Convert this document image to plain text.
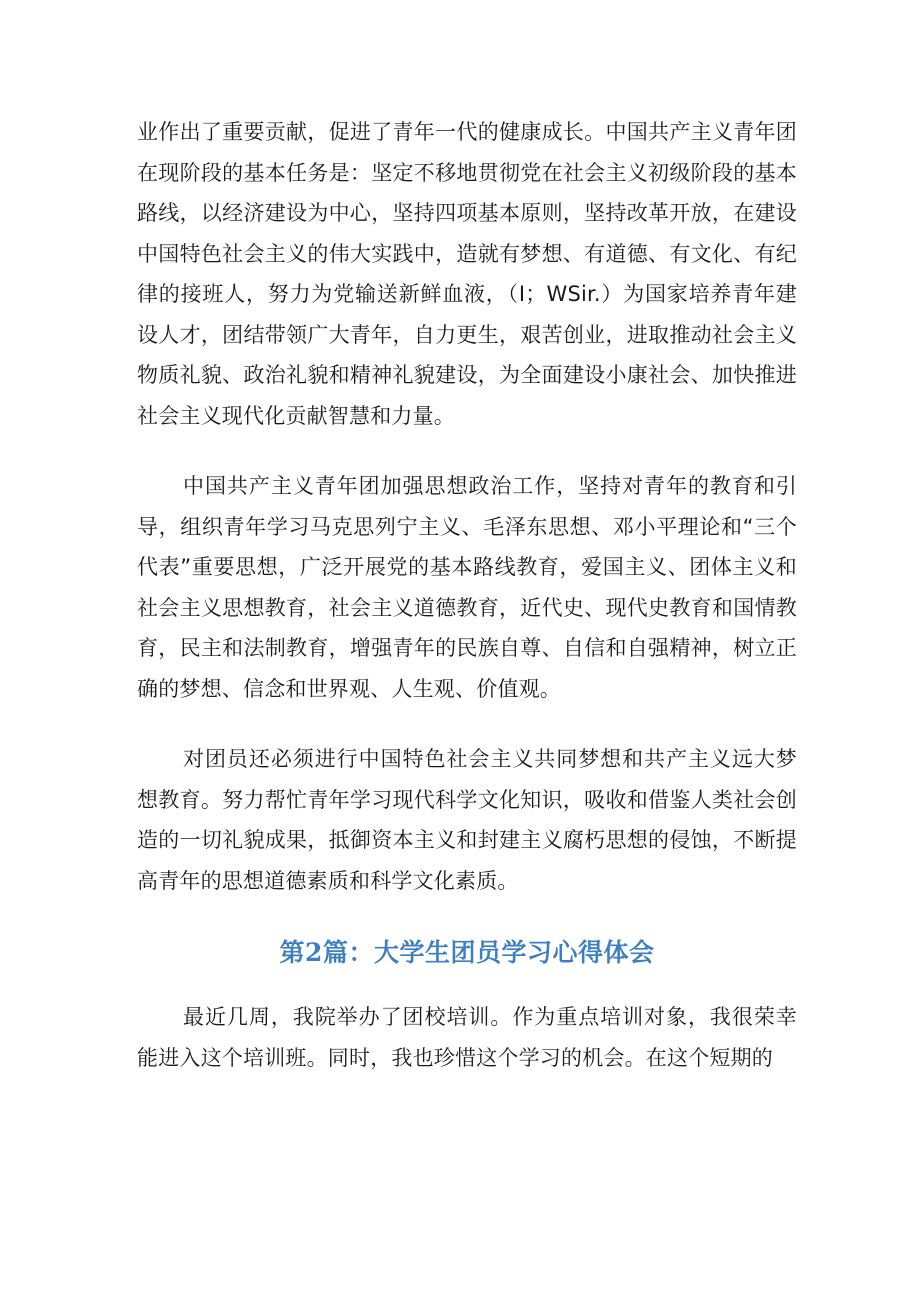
业作出了重要贡献，促进了青年一代的健康成长。中国共产主义青年团在现阶段的基本任务是：坚定不移地贯彻党在社会主义初级阶段的基本路线，以经济建设为中心，坚持四项基本原则，坚持改革开放，在建设中国特色社会主义的伟大实践中，造就有梦想、有道德、有文化、有纪律的接班人，努力为党输送新鲜血液，（I；WSir.）为国家培养青年建设人才，团结带领广大青年，自力更生，艰苦创业，进取推动社会主义物质礼貌、政治礼貌和精神礼貌建设，为全面建设小康社会、加快推进社会主义现代化贡献智慧和力量。

中国共产主义青年团加强思想政治工作，坚持对青年的教育和引导，组织青年学习马克思列宁主义、毛泽东思想、邓小平理论和“三个代表”重要思想，广泛开展党的基本路线教育，爱国主义、团体主义和社会主义思想教育，社会主义道德教育，近代史、现代史教育和国情教育，民主和法制教育，增强青年的民族自尊、自信和自强精神，树立正确的梦想、信念和世界观、人生观、价值观。

对团员还必须进行中国特色社会主义共同梦想和共产主义远大梦想教育。努力帮忙青年学习现代科学文化知识，吸收和借鉴人类社会创造的一切礼貌成果，抵御资本主义和封建主义腐朽思想的侵蚀，不断提高青年的思想道德素质和科学文化素质。

第2篇：大学生团员学习心得体会

最近几周，我院举办了团校培训。作为重点培训对象，我很荣幸能进入这个培训班。同时，我也珍惜这个学习的机会。在这个短期的
